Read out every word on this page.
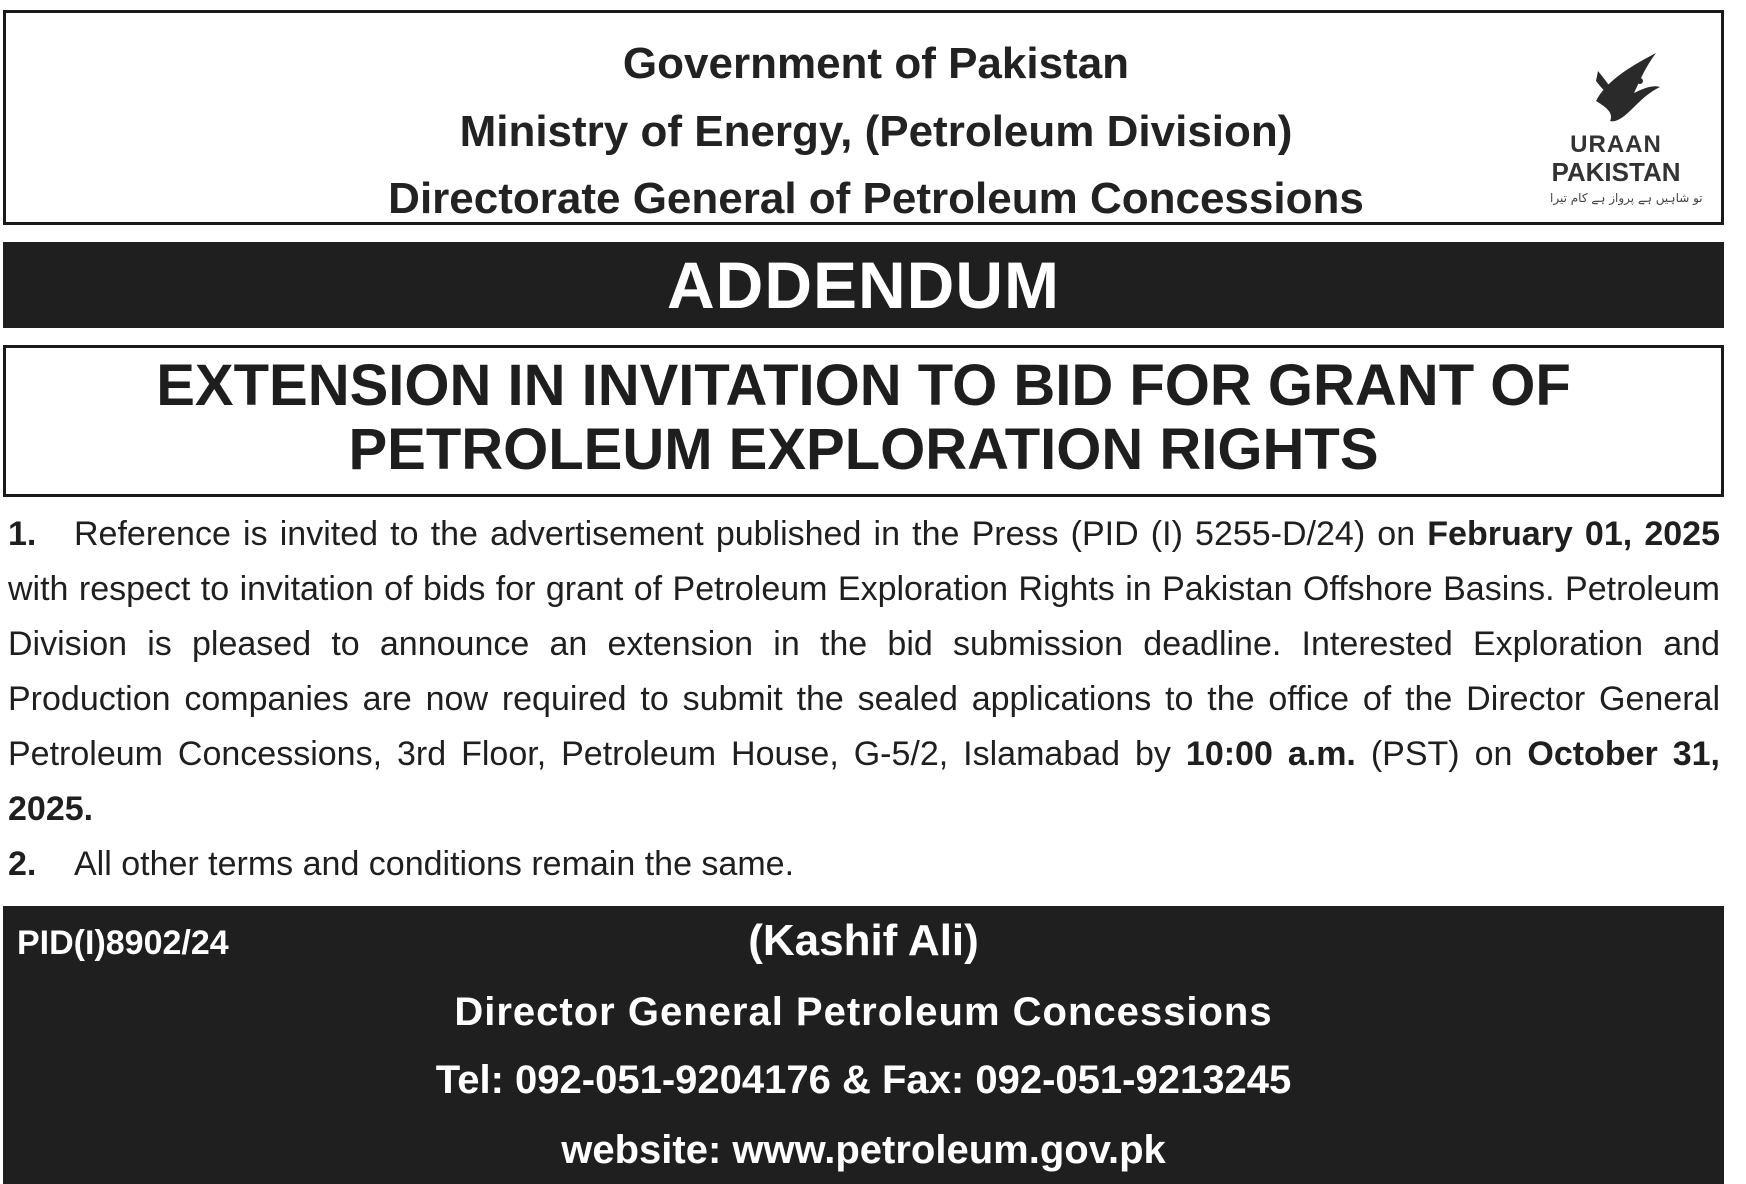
Government of Pakistan
Ministry of Energy, (Petroleum Division)
Directorate General of Petroleum Concessions
URAAN
PAKISTAN
تو شاہیں ہے پرواز ہے کام تیرا
ADDENDUM
EXTENSION IN INVITATION TO BID FOR GRANT OF
PETROLEUM EXPLORATION RIGHTS
1. Reference is invited to the advertisement published in the Press (PID (I) 5255-D/24) on February 01, 2025 with respect to invitation of bids for grant of Petroleum Exploration Rights in Pakistan Offshore Basins. Petroleum Division is pleased to announce an extension in the bid submission deadline. Interested Exploration and Production companies are now required to submit the sealed applications to the office of the Director General Petroleum Concessions, 3rd Floor, Petroleum House, G-5/2, Islamabad by 10:00 a.m. (PST) on October 31, 2025.
2. All other terms and conditions remain the same.
PID(I)8902/24	(Kashif Ali)
Director General Petroleum Concessions
Tel: 092-051-9204176 & Fax: 092-051-9213245
website: www.petroleum.gov.pk
